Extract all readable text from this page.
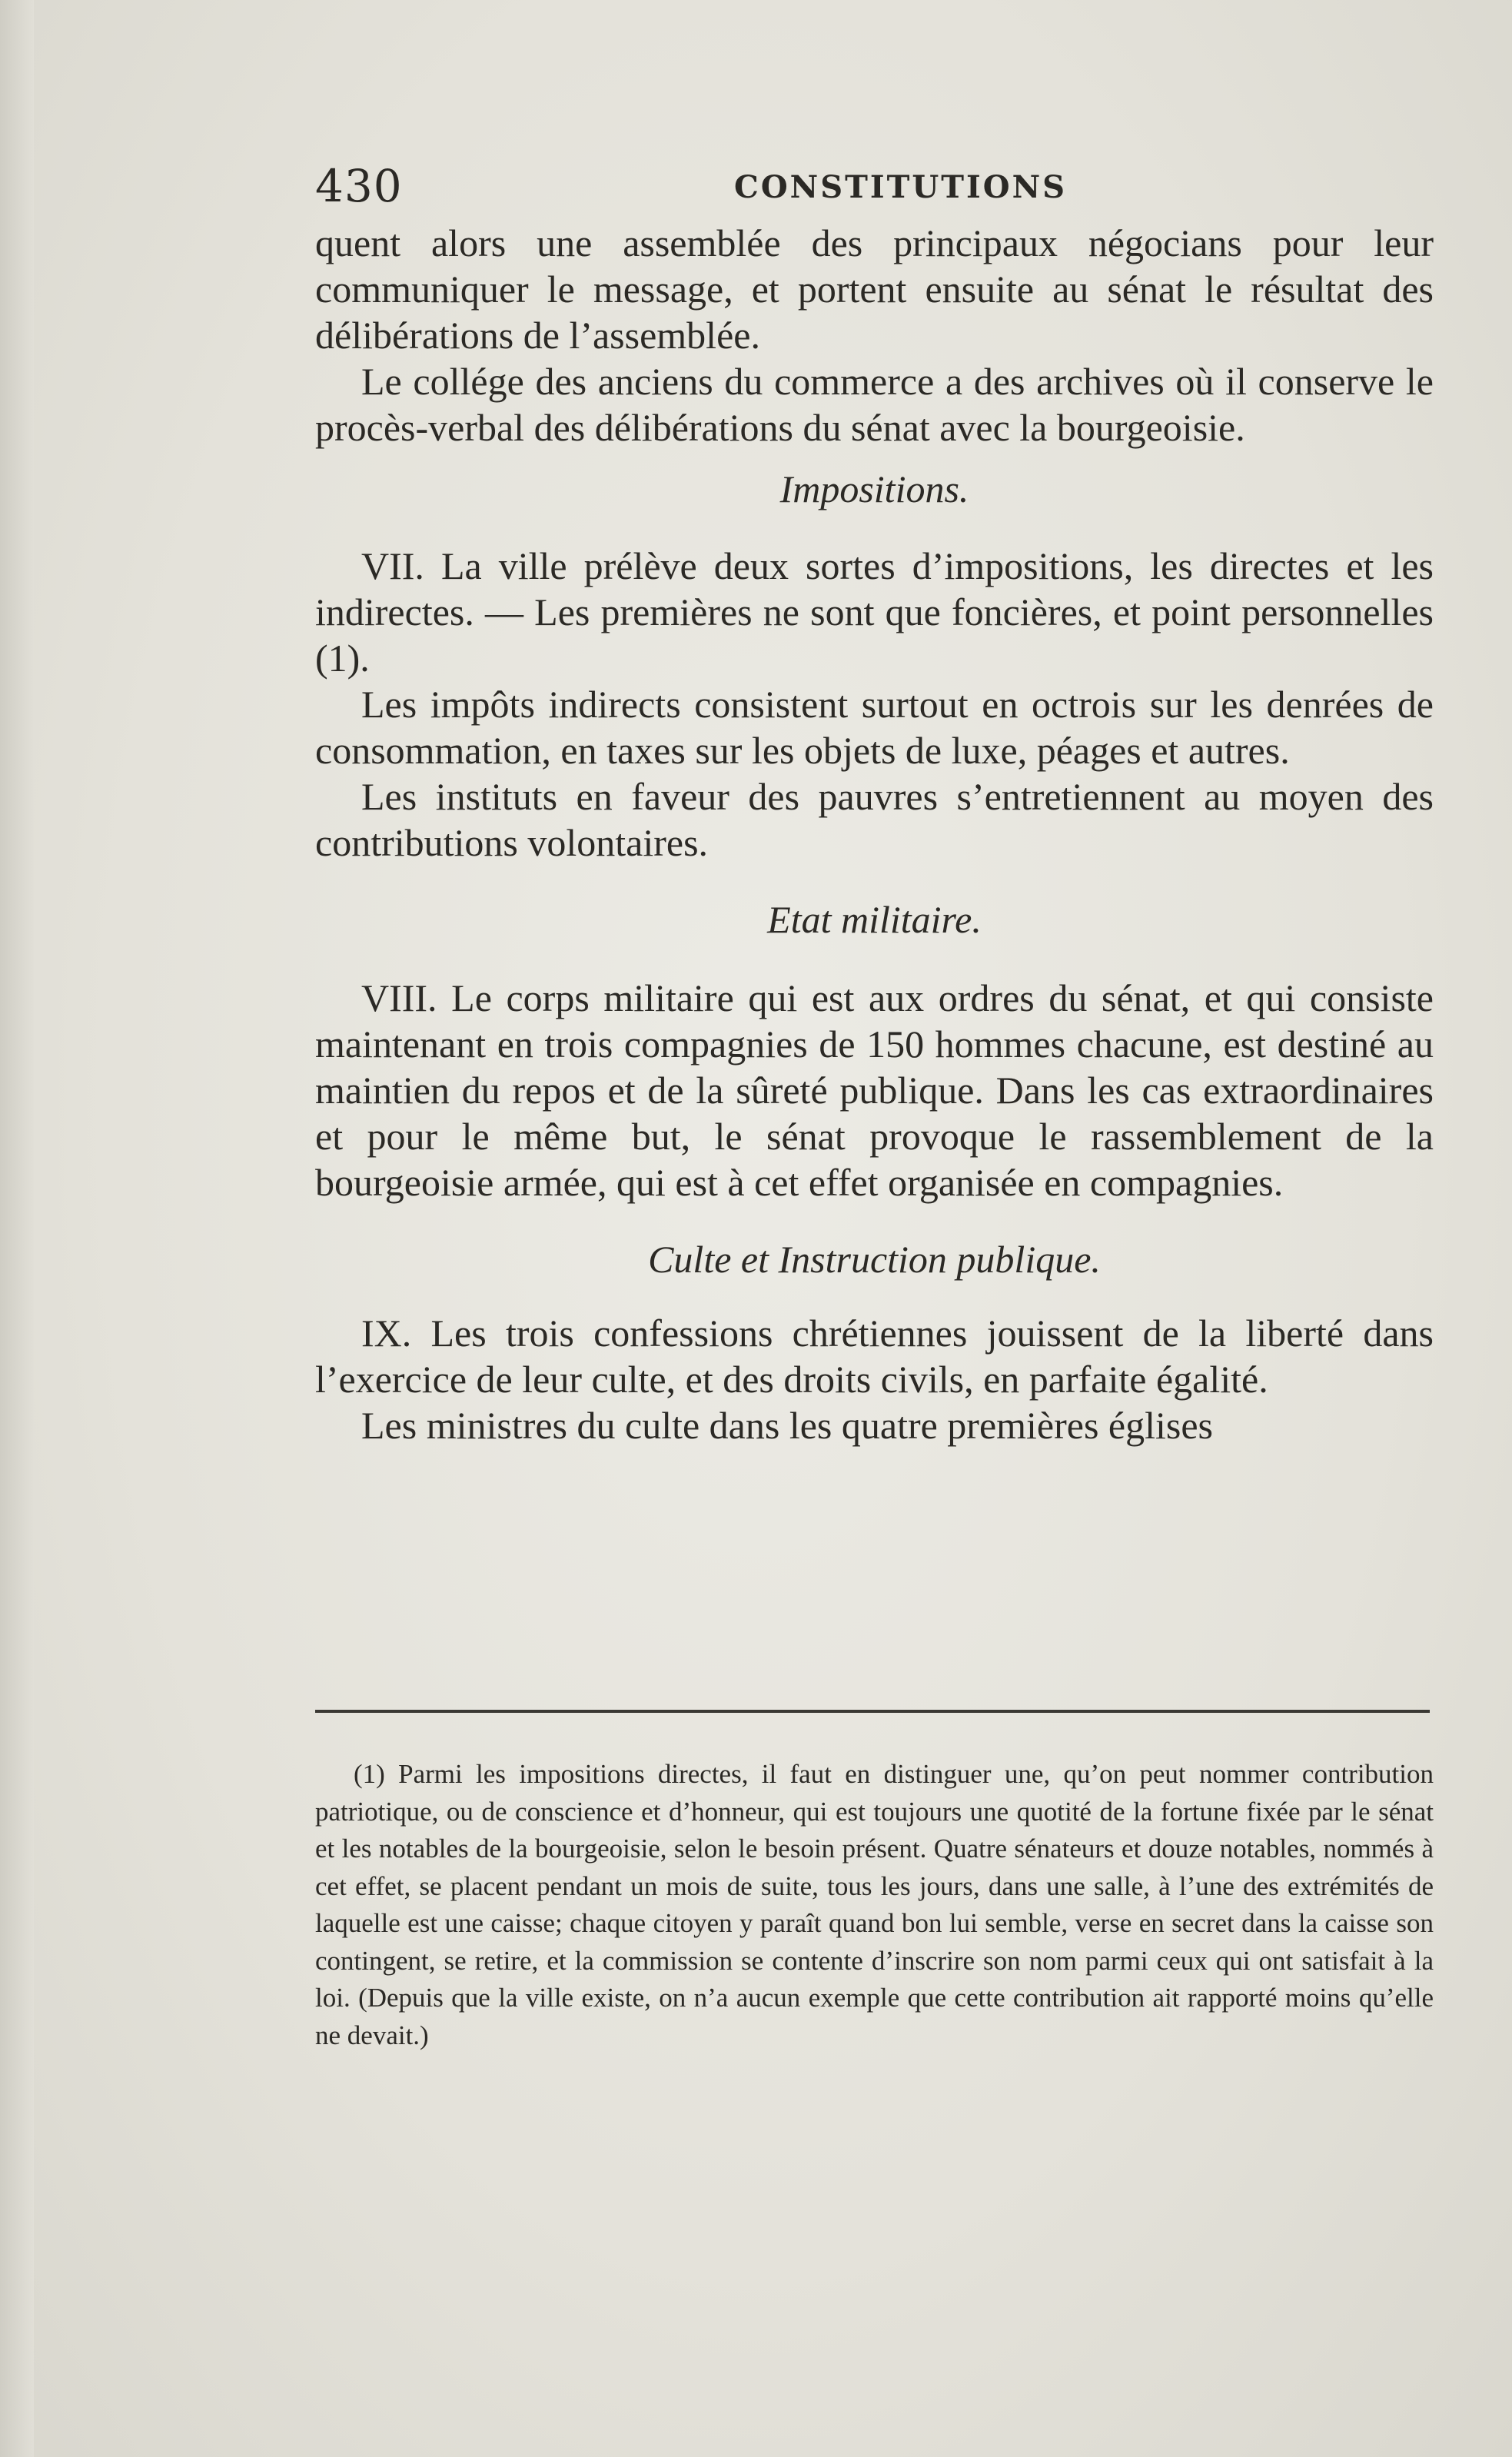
430	CONSTITUTIONS

quent alors une assemblée des principaux négocians pour leur communiquer le message, et portent ensuite au sénat le résultat des délibérations de l’assemblée.

Le collége des anciens du commerce a des archives où il conserve le procès-verbal des délibérations du sénat avec la bourgeoisie.

Impositions.

VII. La ville prélève deux sortes d’impositions, les directes et les indirectes. — Les premières ne sont que foncières, et point personnelles (1).

Les impôts indirects consistent surtout en octrois sur les denrées de consommation, en taxes sur les objets de luxe, péages et autres.

Les instituts en faveur des pauvres s’entretiennent au moyen des contributions volontaires.

Etat militaire.

VIII. Le corps militaire qui est aux ordres du sénat, et qui consiste maintenant en trois compagnies de 150 hommes chacune, est destiné au maintien du repos et de la sûreté publique. Dans les cas extraordinaires et pour le même but, le sénat provoque le rassemblement de la bourgeoisie armée, qui est à cet effet organisée en compagnies.

Culte et Instruction publique.

IX. Les trois confessions chrétiennes jouissent de la liberté dans l’exercice de leur culte, et des droits civils, en parfaite égalité.

Les ministres du culte dans les quatre premières églises

(1) Parmi les impositions directes, il faut en distinguer une, qu’on peut nommer contribution patriotique, ou de conscience et d’honneur, qui est toujours une quotité de la fortune fixée par le sénat et les notables de la bourgeoisie, selon le besoin présent. Quatre sénateurs et douze notables, nommés à cet effet, se placent pendant un mois de suite, tous les jours, dans une salle, à l’une des extrémités de laquelle est une caisse; chaque citoyen y paraît quand bon lui semble, verse en secret dans la caisse son contingent, se retire, et la commission se contente d’inscrire son nom parmi ceux qui ont satisfait à la loi. (Depuis que la ville existe, on n’a aucun exemple que cette contribution ait rapporté moins qu’elle ne devait.)
